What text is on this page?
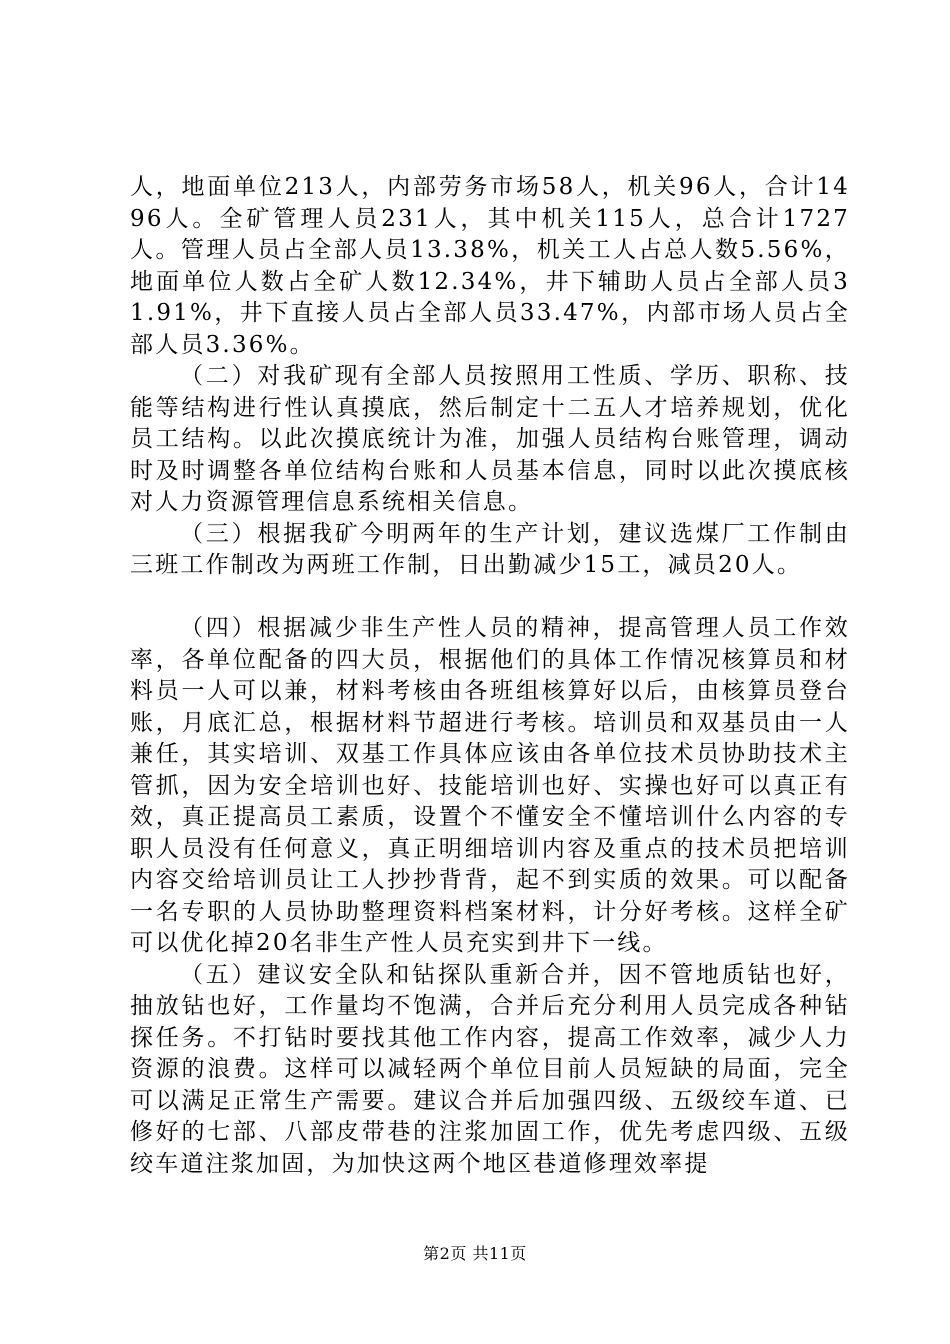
人，地面单位213人，内部劳务市场58人，机关96人，合计1496人。全矿管理人员231人，其中机关115人，总合计1727人。管理人员占全部人员13.38%，机关工人占总人数5.56%，地面单位人数占全矿人数12.34%，井下辅助人员占全部人员31.91%，井下直接人员占全部人员33.47%，内部市场人员占全部人员3.36%。

（二）对我矿现有全部人员按照用工性质、学历、职称、技能等结构进行性认真摸底，然后制定十二五人才培养规划，优化员工结构。以此次摸底统计为准，加强人员结构台账管理，调动时及时调整各单位结构台账和人员基本信息，同时以此次摸底核对人力资源管理信息系统相关信息。

（三）根据我矿今明两年的生产计划，建议选煤厂工作制由三班工作制改为两班工作制，日出勤减少15工，减员20人。

（四）根据减少非生产性人员的精神，提高管理人员工作效率，各单位配备的四大员，根据他们的具体工作情况核算员和材料员一人可以兼，材料考核由各班组核算好以后，由核算员登台账，月底汇总，根据材料节超进行考核。培训员和双基员由一人兼任，其实培训、双基工作具体应该由各单位技术员协助技术主管抓，因为安全培训也好、技能培训也好、实操也好可以真正有效，真正提高员工素质，设置个不懂安全不懂培训什么内容的专职人员没有任何意义，真正明细培训内容及重点的技术员把培训内容交给培训员让工人抄抄背背，起不到实质的效果。可以配备一名专职的人员协助整理资料档案材料，计分好考核。这样全矿可以优化掉20名非生产性人员充实到井下一线。

（五）建议安全队和钻探队重新合并，因不管地质钻也好，抽放钻也好，工作量均不饱满，合并后充分利用人员完成各种钻探任务。不打钻时要找其他工作内容，提高工作效率，减少人力资源的浪费。这样可以减轻两个单位目前人员短缺的局面，完全可以满足正常生产需要。建议合并后加强四级、五级绞车道、已修好的七部、八部皮带巷的注浆加固工作，优先考虑四级、五级绞车道注浆加固，为加快这两个地区巷道修理效率提

第2页 共11页
